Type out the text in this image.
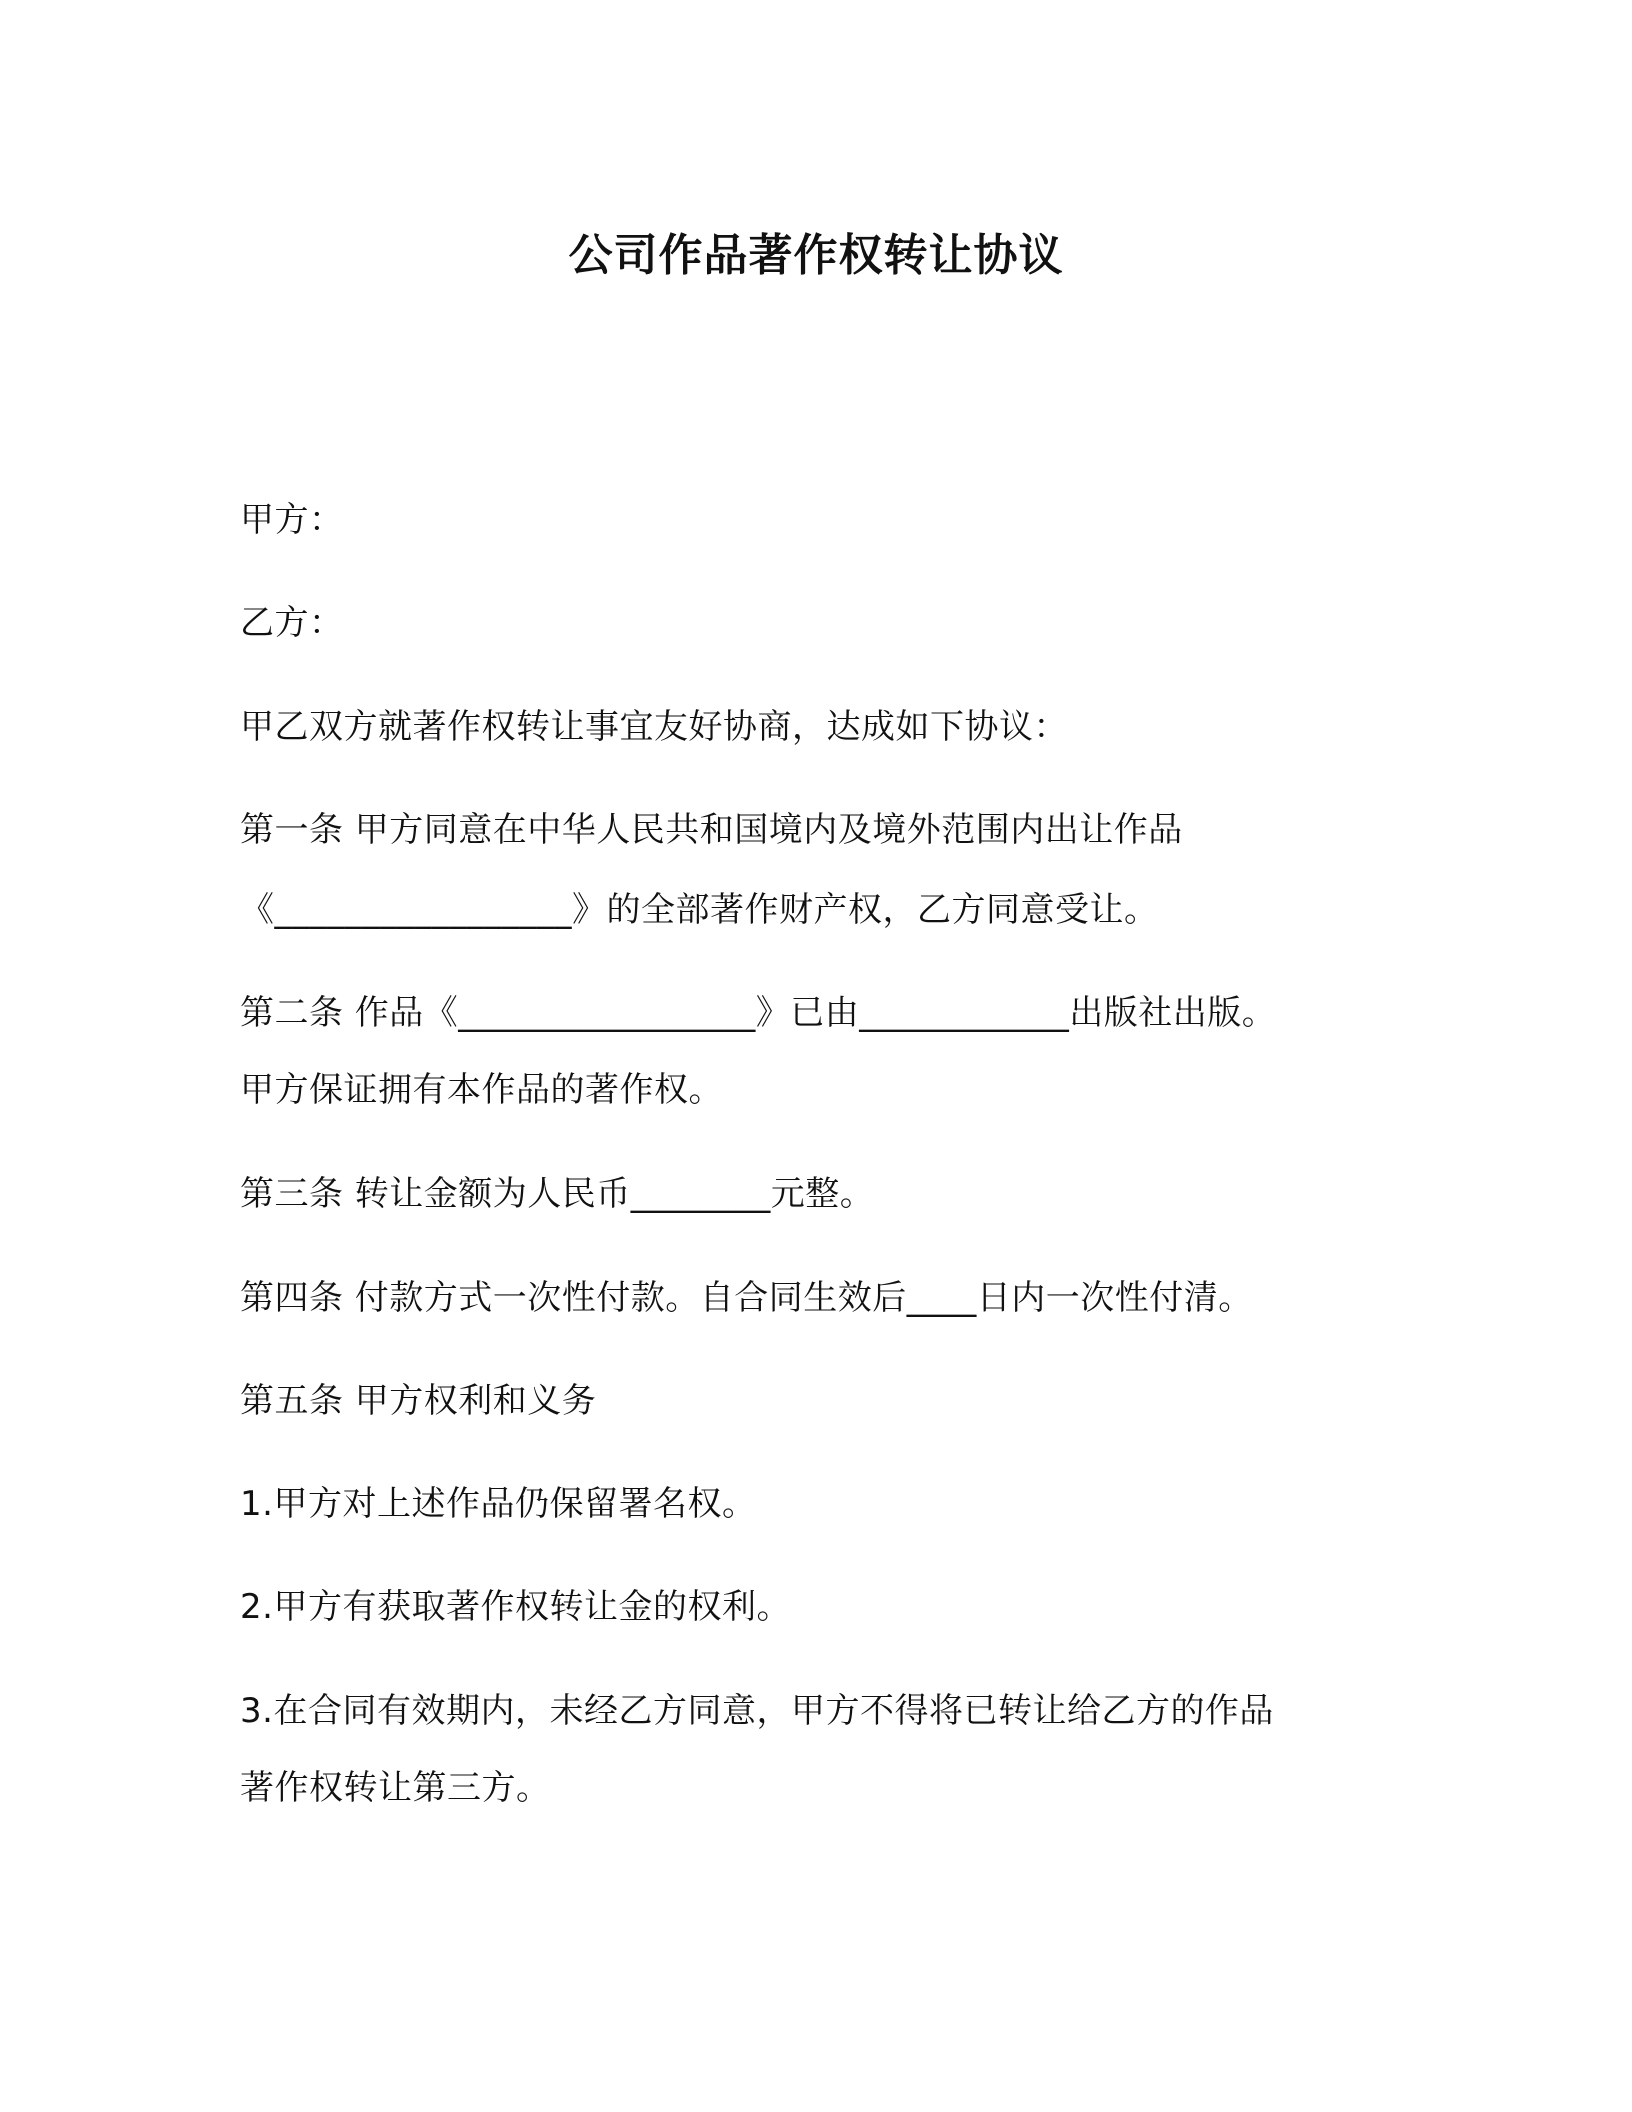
公司作品著作权转让协议
甲方：
乙方：
甲乙双方就著作权转让事宜友好协商，达成如下协议：
第一条 甲方同意在中华人民共和国境内及境外范围内出让作品
《_________________》的全部著作财产权，乙方同意受让。
第二条 作品《_________________》已由____________出版社出版。
甲方保证拥有本作品的著作权。
第三条 转让金额为人民币________元整。
第四条 付款方式一次性付款。自合同生效后____日内一次性付清。
第五条 甲方权利和义务
1.甲方对上述作品仍保留署名权。
2.甲方有获取著作权转让金的权利。
3.在合同有效期内，未经乙方同意，甲方不得将已转让给乙方的作品
著作权转让第三方。
